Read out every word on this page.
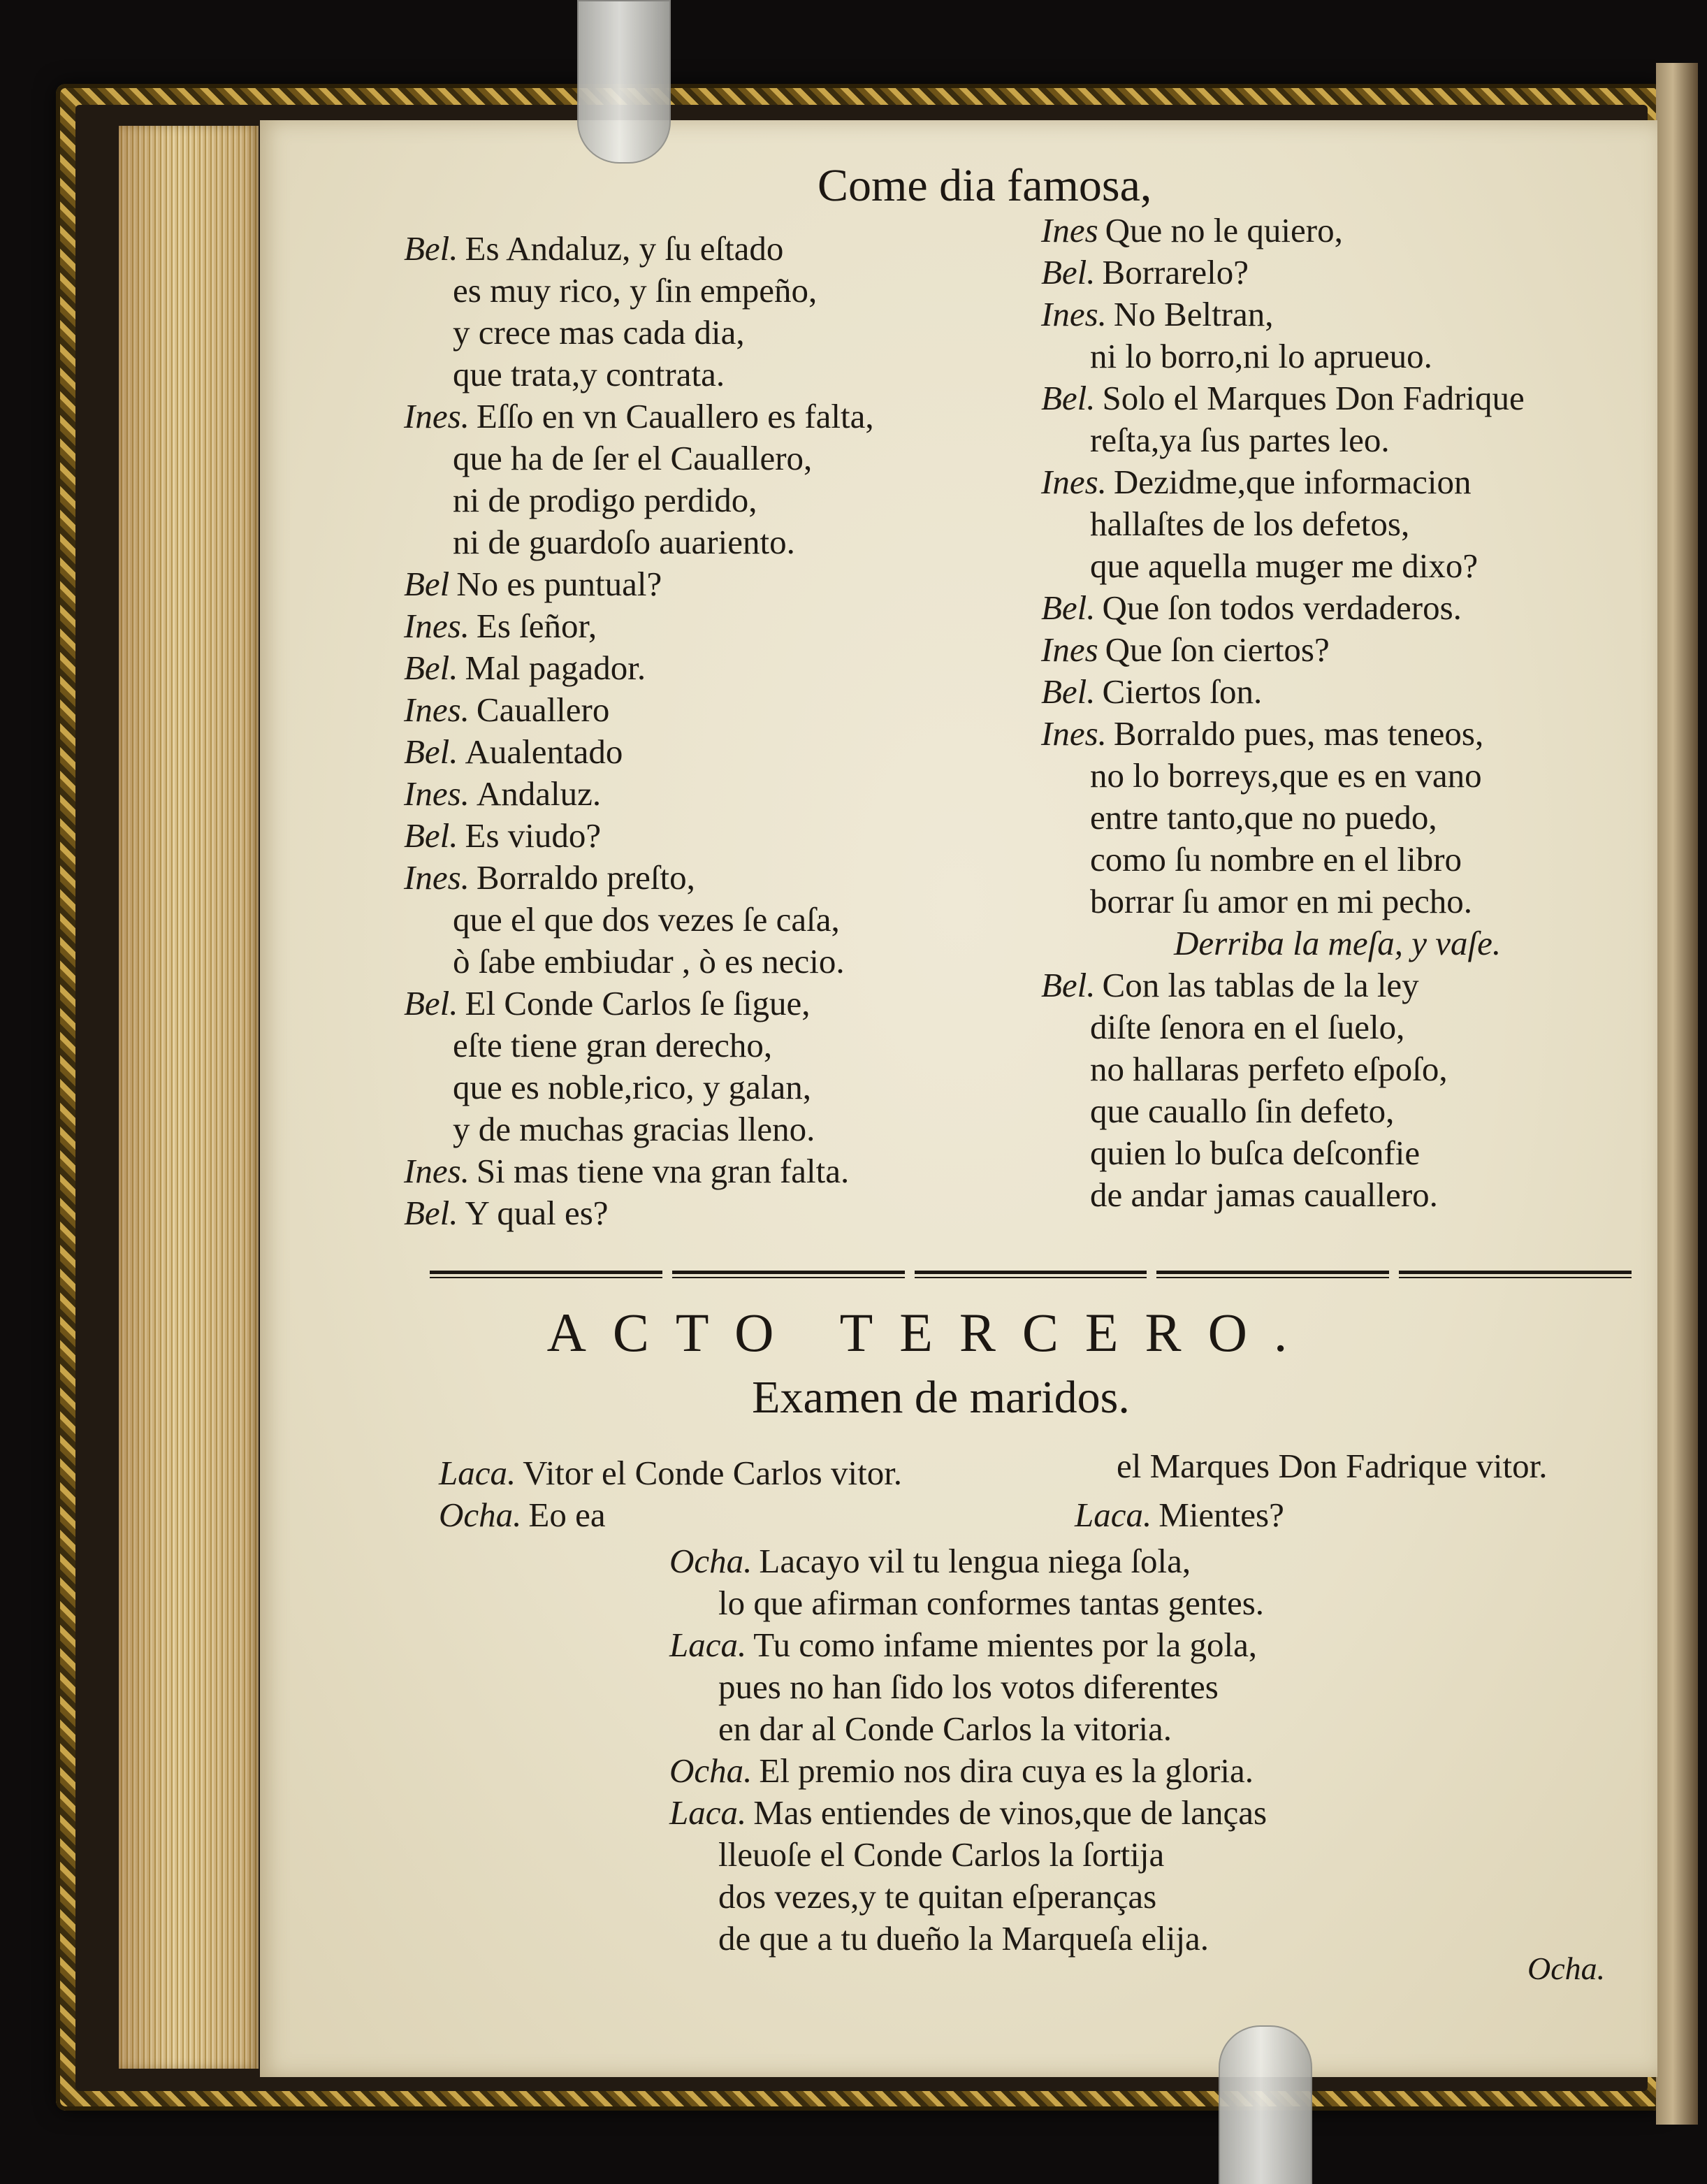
Come dia famosa,
Bel. Es Andaluz, y ſu eſtado
es muy rico, y ſin empeño,
y crece mas cada dia,
que trata,y contrata.
Ines. Eſſo en vn Cauallero es falta,
que ha de ſer el Cauallero,
ni de prodigo perdido,
ni de guardoſo auariento.
Bel No es puntual?
Ines. Es ſeñor,
Bel. Mal pagador.
Ines. Cauallero
Bel. Aualentado
Ines. Andaluz.
Bel. Es viudo?
Ines. Borraldo preſto,
que el que dos vezes ſe caſa,
ò ſabe embiudar , ò es necio.
Bel. El Conde Carlos ſe ſigue,
eſte tiene gran derecho,
que es noble,rico, y galan,
y de muchas gracias lleno.
Ines. Si mas tiene vna gran falta.
Bel. Y qual es?
Ines Que no le quiero,
Bel. Borrarelo?
Ines. No Beltran,
ni lo borro,ni lo aprueuo.
Bel. Solo el Marques Don Fadrique
reſta,ya ſus partes leo.
Ines. Dezidme,que informacion
hallaſtes de los defetos,
que aquella muger me dixo?
Bel. Que ſon todos verdaderos.
Ines Que ſon ciertos?
Bel. Ciertos ſon.
Ines. Borraldo pues, mas teneos,
no lo borreys,que es en vano
entre tanto,que no puedo,
como ſu nombre en el libro
borrar ſu amor en mi pecho.
Derriba la meſa, y vaſe.
Bel. Con las tablas de la ley
diſte ſenora en el ſuelo,
no hallaras perfeto eſpoſo,
que cauallo ſin defeto,
quien lo buſca deſconfie
de andar jamas cauallero.
ACTO TERCERO.
Examen de maridos.
Laca. Vitor el Conde Carlos vitor.
Ocha. Eo ea
el Marques Don Fadrique vitor.
Laca. Mientes?
Ocha. Lacayo vil tu lengua niega ſola,
lo que afirman conformes tantas gentes.
Laca. Tu como infame mientes por la gola,
pues no han ſido los votos diferentes
en dar al Conde Carlos la vitoria.
Ocha. El premio nos dira cuya es la gloria.
Laca. Mas entiendes de vinos,que de lanças
lleuoſe el Conde Carlos la ſortija
dos vezes,y te quitan eſperanças
de que a tu dueño la Marqueſa elija.
Ocha.
